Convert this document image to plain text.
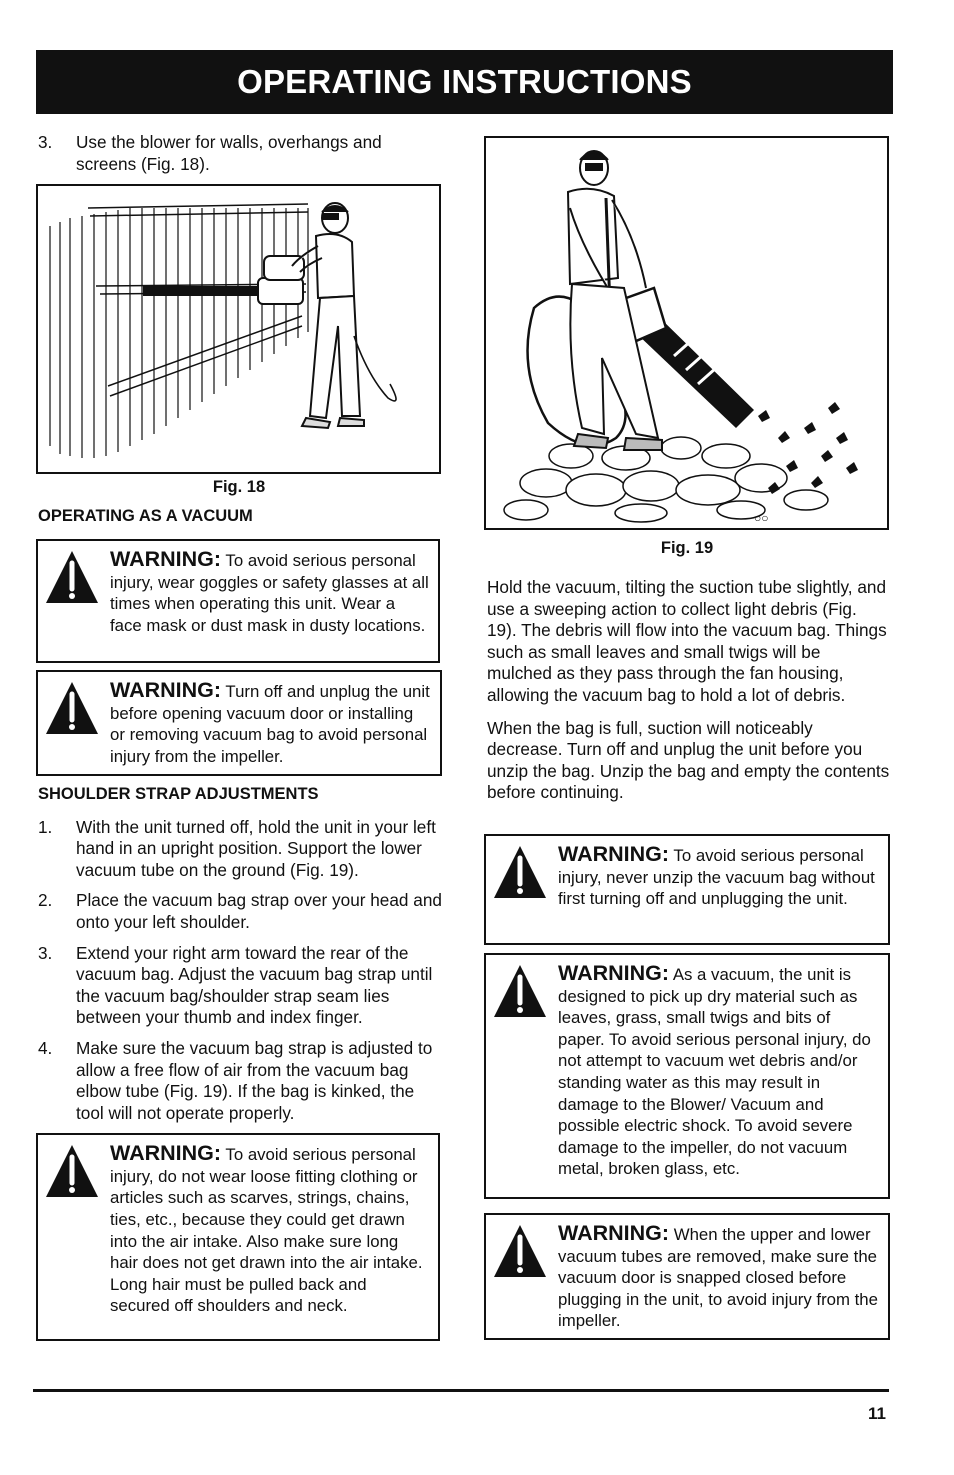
OPERATING INSTRUCTIONS
3.	Use the blower for walls, overhangs and screens (Fig. 18).
Fig. 18
OPERATING AS A VACUUM
WARNING: To avoid serious personal injury, wear goggles or safety glasses at all times when operating this unit. Wear a face mask or dust mask in dusty locations.
WARNING: Turn off and unplug the unit before opening vacuum door or installing or removing vacuum bag to avoid personal injury from the impeller.
SHOULDER STRAP ADJUSTMENTS
1.	With the unit turned off, hold the unit in your left hand in an upright position. Support the lower vacuum tube on the ground (Fig. 19).
2.	Place the vacuum bag strap over your head and onto your left shoulder.
3.	Extend your right arm toward the rear of the vacuum bag. Adjust the vacuum bag strap until the vacuum bag/shoulder strap seam lies between your thumb and index finger.
4.	Make sure the vacuum bag strap is adjusted to allow a free flow of air from the vacuum bag elbow tube (Fig. 19). If the bag is kinked, the tool will not operate properly.
WARNING: To avoid serious personal injury, do not wear loose fitting clothing or articles such as scarves, strings, chains, ties, etc., because they could get drawn into the air intake. Also make sure long hair does not get drawn into the air intake. Long hair must be pulled back and secured off shoulders and neck.
○○
Fig. 19

Hold the vacuum, tilting the suction tube slightly, and use a sweeping action to collect light debris (Fig. 19). The debris will flow into the vacuum bag. Things such as small leaves and small twigs will be mulched as they pass through the fan housing, allowing the vacuum bag to hold a lot of debris.

When the bag is full, suction will noticeably decrease. Turn off and unplug the unit before you unzip the bag. Unzip the bag and empty the contents before continuing.

WARNING: To avoid serious personal injury, never unzip the vacuum bag without first turning off and unplugging the unit.
WARNING: As a vacuum, the unit is designed to pick up dry material such as leaves, grass, small twigs and bits of paper. To avoid serious personal injury, do not attempt to vacuum wet debris and/or standing water as this may result in damage to the Blower/ Vacuum and possible electric shock. To avoid severe damage to the impeller, do not vacuum metal, broken glass, etc.
WARNING: When the upper and lower vacuum tubes are removed, make sure the vacuum door is snapped closed before plugging in the unit, to avoid injury from the impeller.
11
